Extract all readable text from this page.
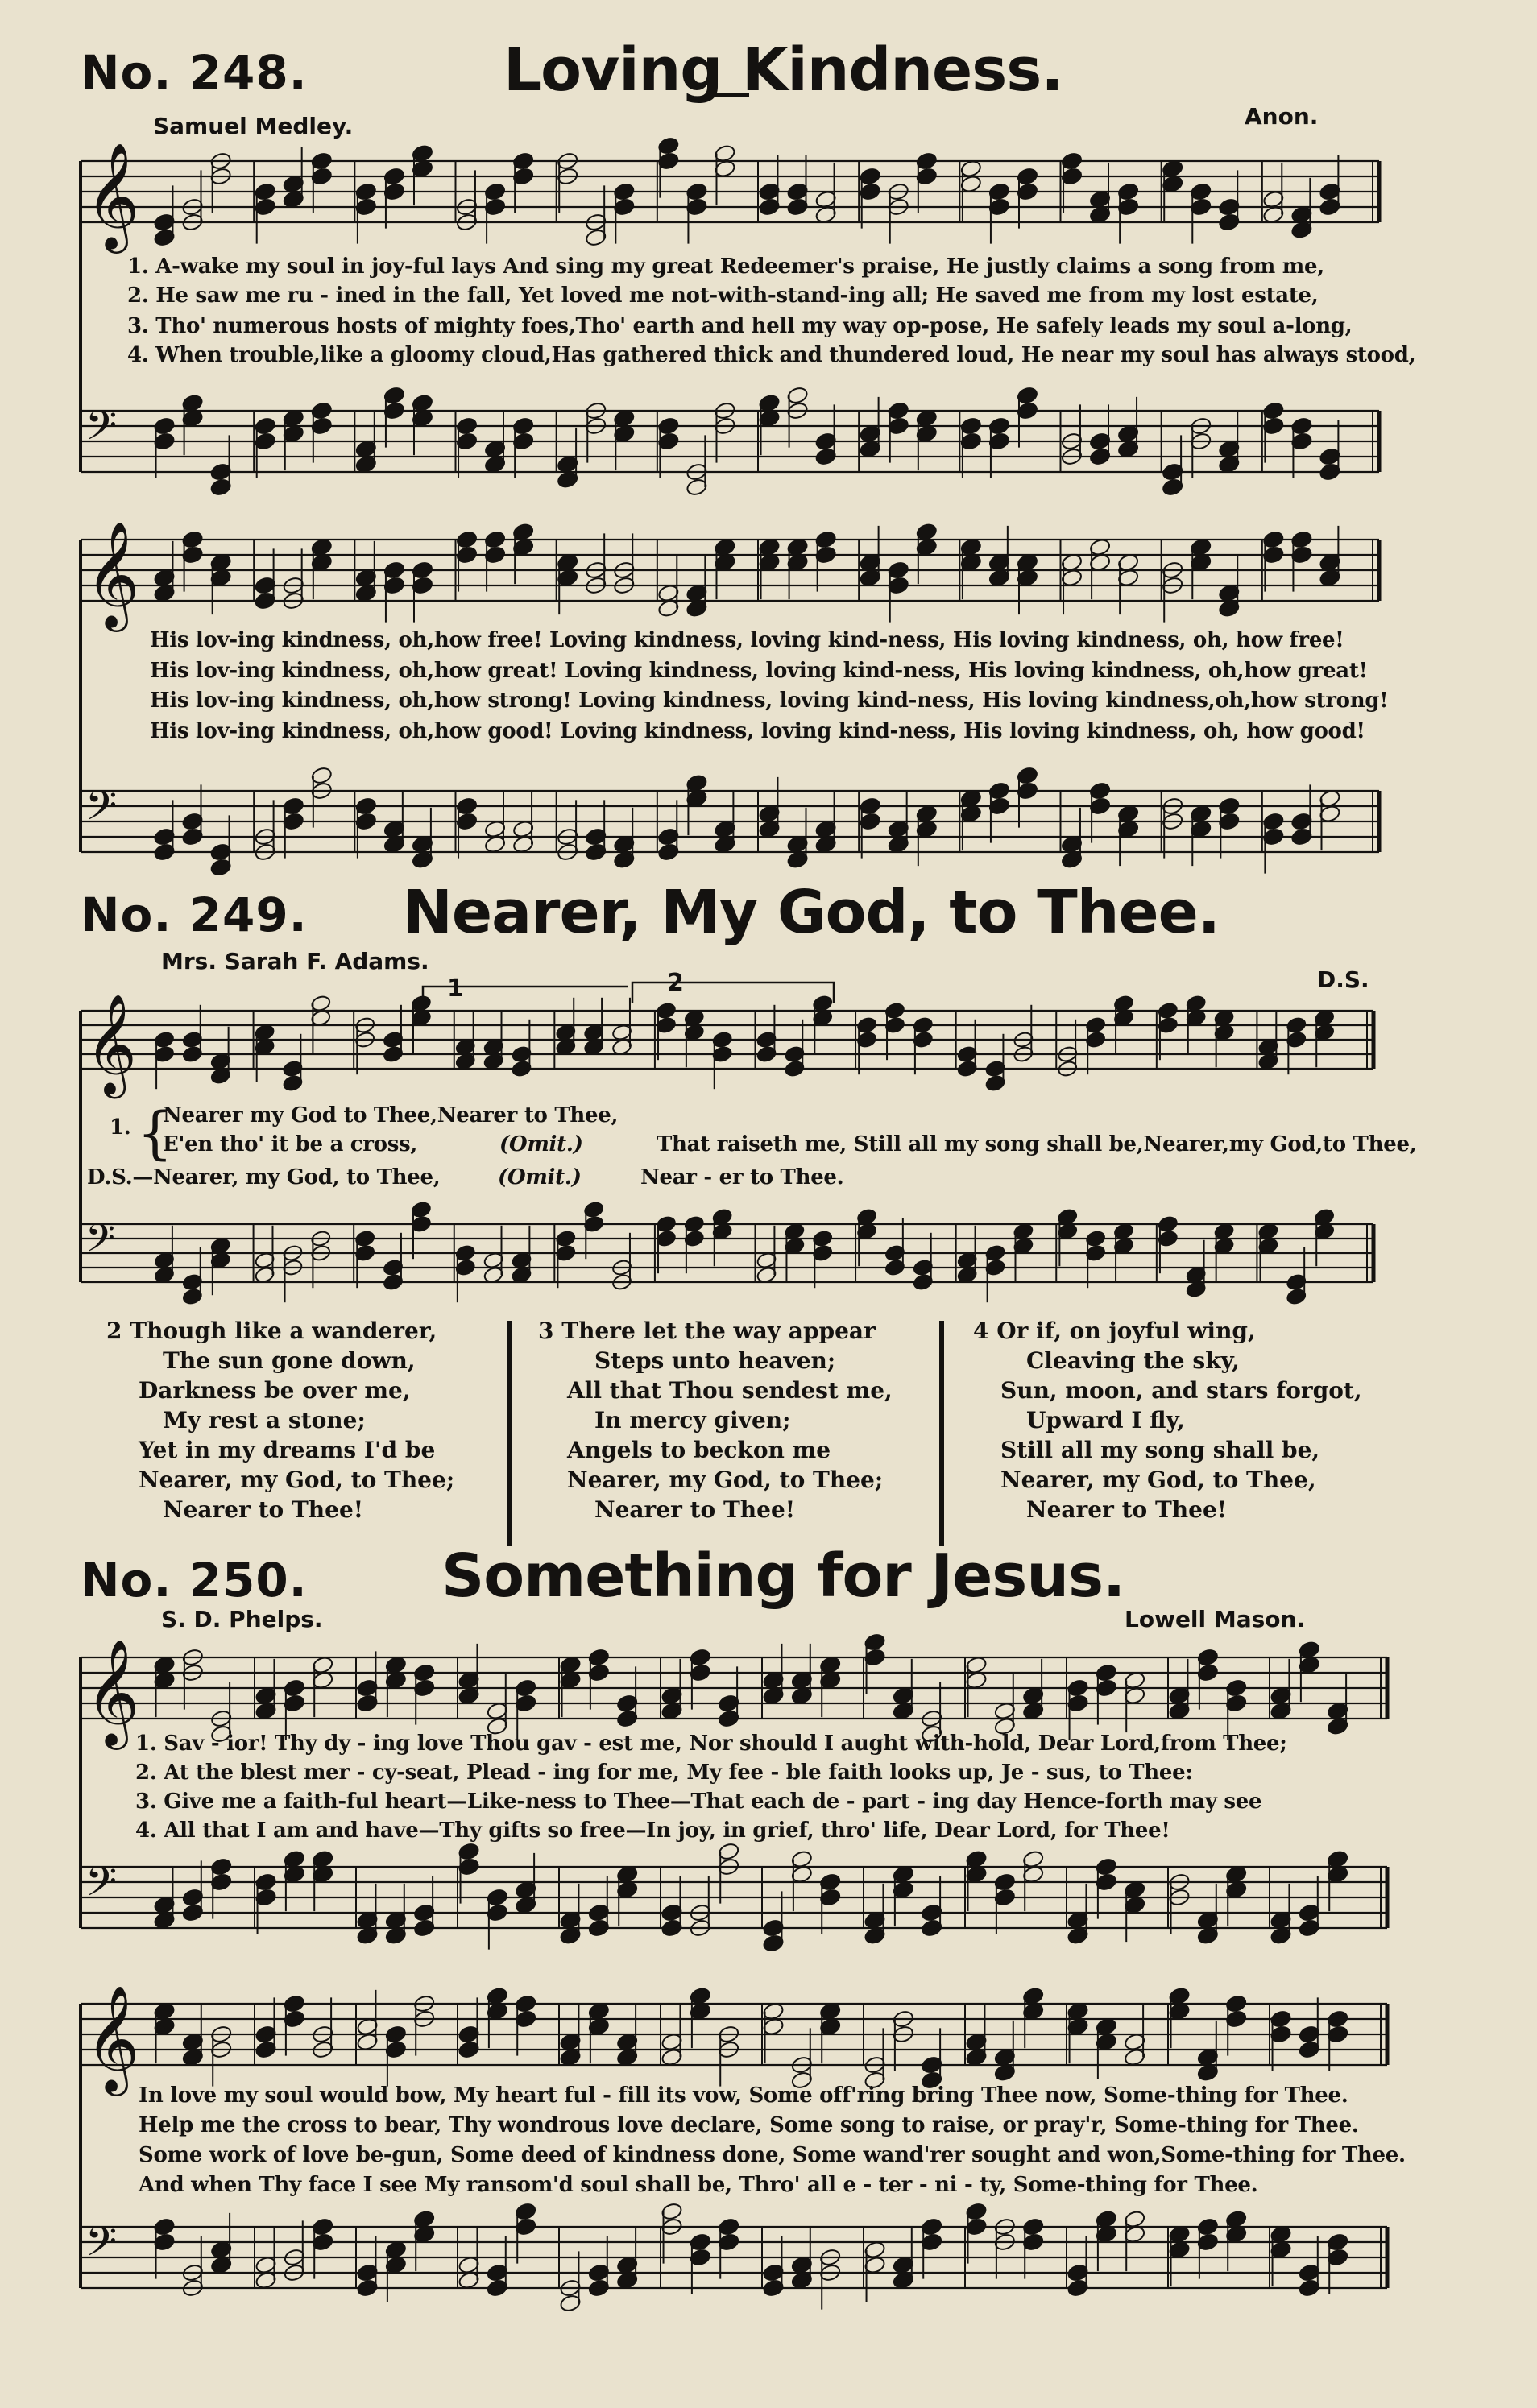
𝄞
𝄢
𝄞
𝄢
𝄞
𝄢
𝄞
𝄢
𝄞
𝄢
No. 248.	Loving Kindness.
Samuel Medley.	Anon.
1. A-wake my soul in joy-ful lays And sing my great Redeemer's praise, He justly claims a song from me,
2. He saw me ru - ined in the fall, Yet loved me not-with-stand-ing all; He saved me from my lost estate,
3. Tho' numerous hosts of mighty foes,Tho' earth and hell my way op-pose, He safely leads my soul a-long,
4. When trouble,like a gloomy cloud,Has gathered thick and thundered loud, He near my soul has always stood,
His lov-ing kindness, oh,how free! Loving kindness, loving kind-ness, His loving kindness, oh, how free!
His lov-ing kindness, oh,how great! Loving kindness, loving kind-ness, His loving kindness, oh,how great!
His lov-ing kindness, oh,how strong! Loving kindness, loving kind-ness, His loving kindness,oh,how strong!
His lov-ing kindness, oh,how good! Loving kindness, loving kind-ness, His loving kindness, oh, how good!
No. 249. Nearer, My God, to Thee.
Mrs. Sarah F. Adams.
D.S.
1	2
1. {
Nearer my God to Thee,Nearer to Thee,
E'en tho' it be a cross,	(Omit.)	That raiseth me, Still all my song shall be,Nearer,my God,to Thee,
D.S.—Nearer, my God, to Thee,	(Omit.)	Near - er to Thee.
2 Though like a wanderer,
The sun gone down,
Darkness be over me,
My rest a stone;
Yet in my dreams I'd be
Nearer, my God, to Thee;
Nearer to Thee!
3 There let the way appear
Steps unto heaven;
All that Thou sendest me,
In mercy given;
Angels to beckon me
Nearer, my God, to Thee;
Nearer to Thee!
4 Or if, on joyful wing,
Cleaving the sky,
Sun, moon, and stars forgot,
Upward I fly,
Still all my song shall be,
Nearer, my God, to Thee,
Nearer to Thee!
No. 250. Something for Jesus.
S. D. Phelps.	Lowell Mason.
1. Sav - ior! Thy dy - ing love Thou gav - est me, Nor should I aught with-hold, Dear Lord,from Thee;
2. At the blest mer - cy-seat, Plead - ing for me, My fee - ble faith looks up, Je - sus, to Thee:
3. Give me a faith-ful heart—Like-ness to Thee—That each de - part - ing day Hence-forth may see
4. All that I am and have—Thy gifts so free—In joy, in grief, thro' life, Dear Lord, for Thee!
In love my soul would bow, My heart ful - fill its vow, Some off'ring bring Thee now, Some-thing for Thee.
Help me the cross to bear, Thy wondrous love declare, Some song to raise, or pray'r, Some-thing for Thee.
Some work of love be-gun, Some deed of kindness done, Some wand'rer sought and won,Some-thing for Thee.
And when Thy face I see My ransom'd soul shall be, Thro' all e - ter - ni - ty, Some-thing for Thee.
